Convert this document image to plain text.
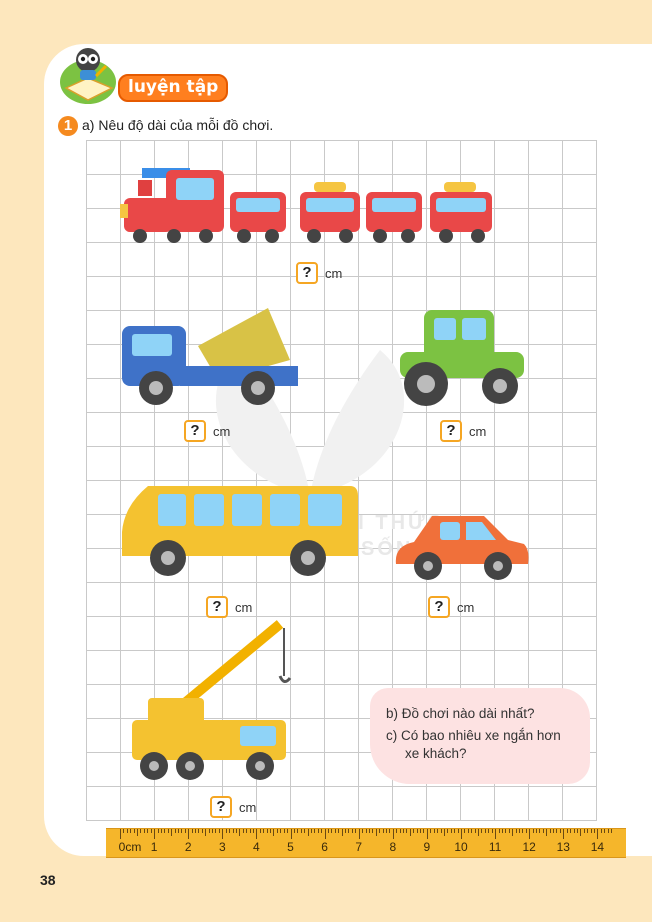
luyện tập
1 a) Nêu độ dài của mỗi đồ chơi.
THỨC
SỐNG
?	cm
?	cm	?	cm
?	cm	?	cm
?	cm
b) Đồ chơi nào dài nhất?
c) Có bao nhiêu xe ngắn hơn
xe khách?
0cm 1 2 3 4 5 6 7 8 9 10 11 12 13 14
38
